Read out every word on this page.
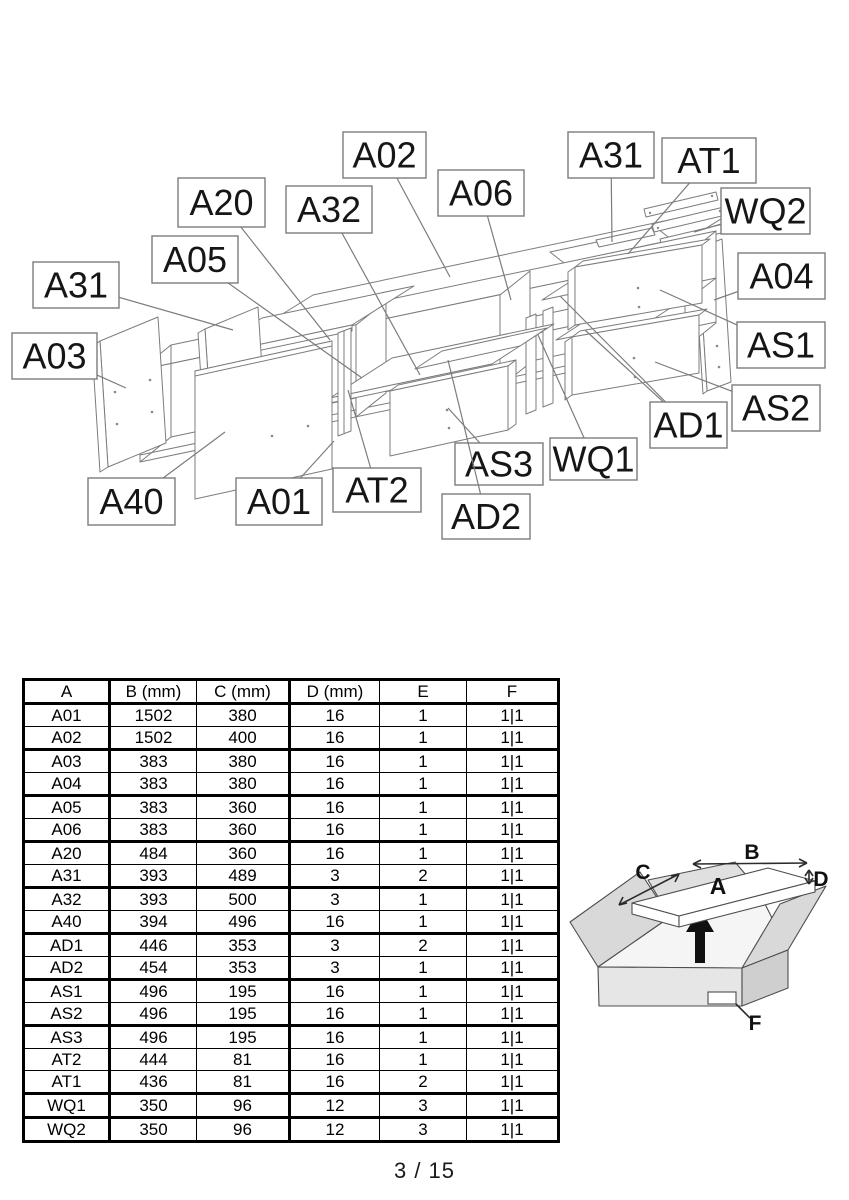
A02	A31 AT1
A20 A32 A06	WQ2
A05	A04
A31
AS1
A03
AS2
AD1
AS3 WQ1
A40 A01 AT2
AD2
A	B (mm)	C (mm)	D (mm)	E	F
A01	1502	380	16	1	1|1
A02	1502	400	16	1	1|1
A03	383	380	16	1	1|1
A04	383	380	16	1	1|1
A05	383	360	16	1	1|1
A06	383	360	16	1	1|1
A20	484	360	16	1	1|1
A31	393	489	3	2	1|1
A32	393	500	3	1	1|1
A40	394	496	16	1	1|1
AD1	446	353	3	2	1|1
AD2	454	353	3	1	1|1
AS1	496	195	16	1	1|1
AS2	496	195	16	1	1|1
AS3	496	195	16	1	1|1
AT2	444	81	16	1	1|1
AT1	436	81	16	2	1|1
WQ1	350	96	12	3	1|1
WQ2	350	96	12	3	1|1
B
C	D
A
F
3 / 15
